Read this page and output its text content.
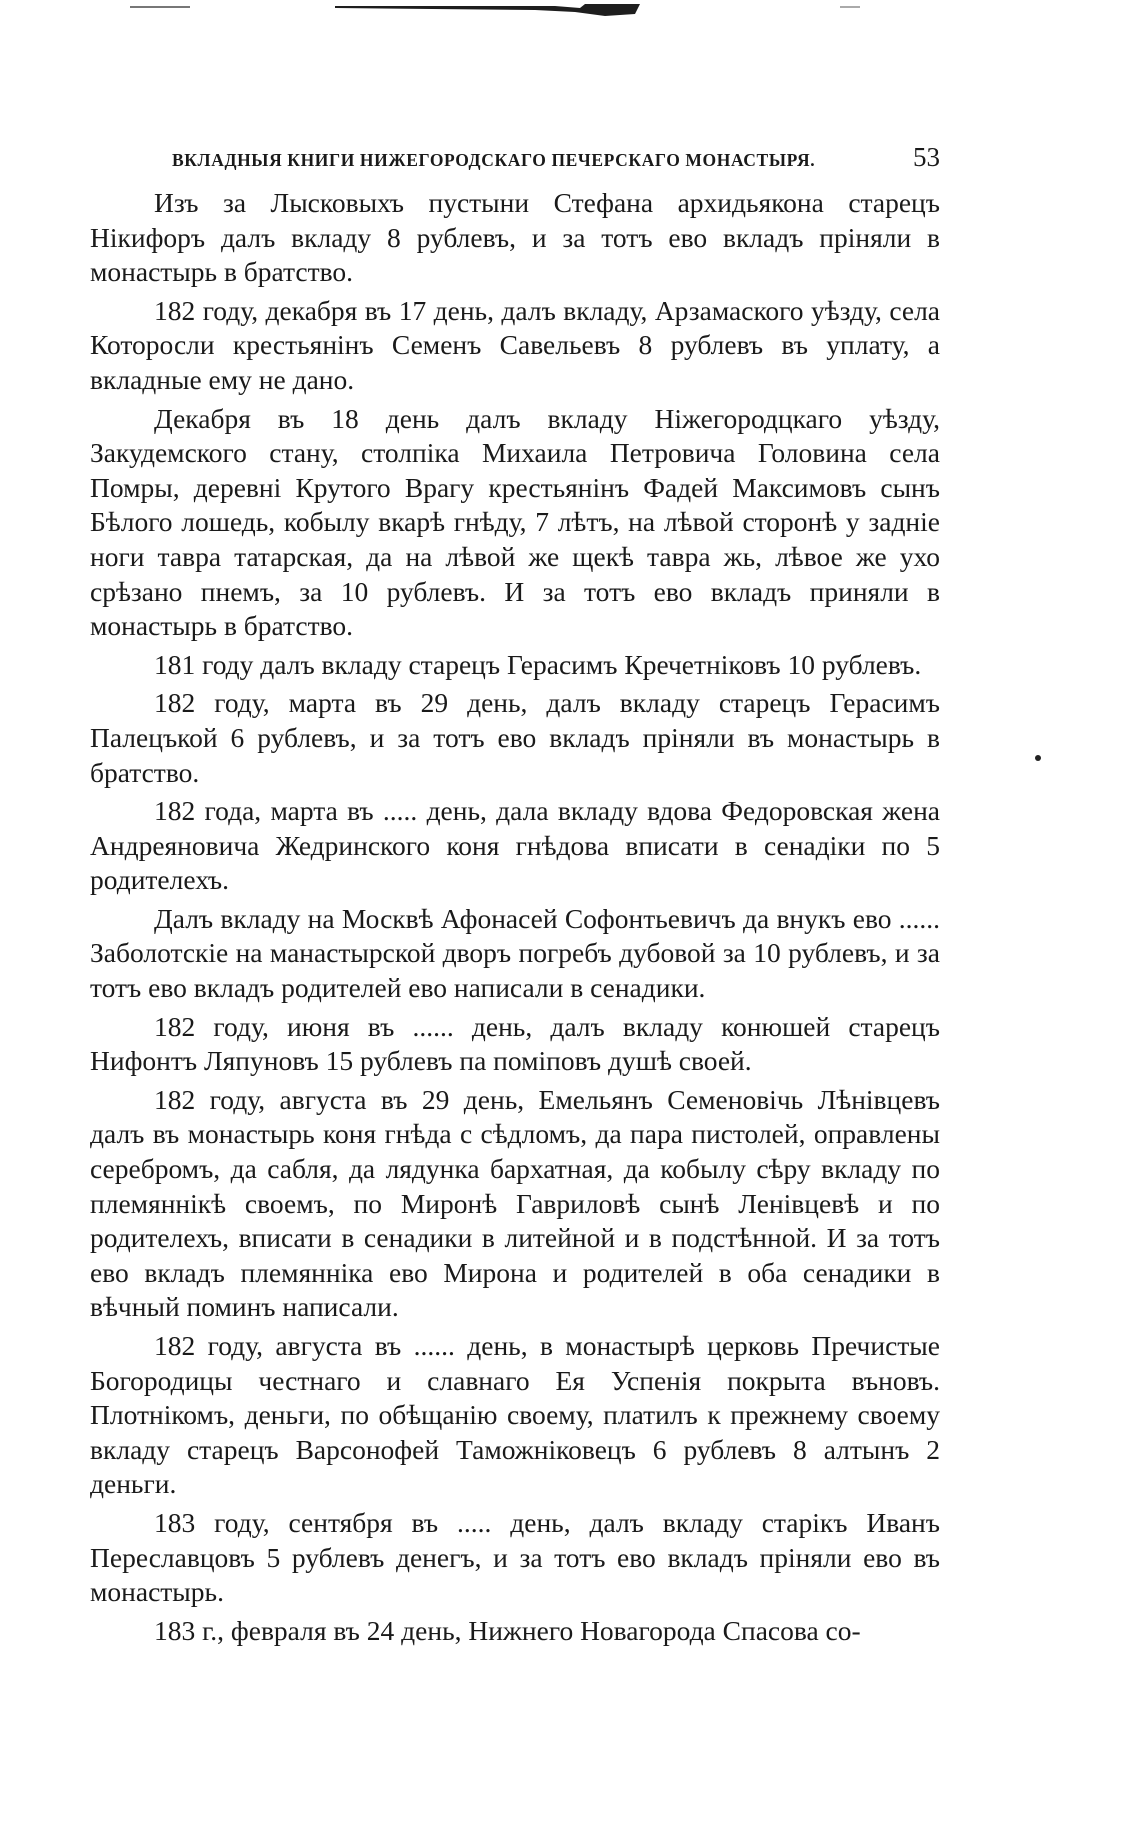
ВКЛАДНЫЯ КНИГИ НИЖЕГОРОДСКАГО ПЕЧЕРСКАГО МОНАСТЫРЯ.	53

Изъ за Лысковыхъ пустыни Стефана архидьякона старецъ Нікифоръ далъ вкладу 8 рублевъ, и за тотъ ево вкладъ пріняли в монастырь в братство.

182 году, декабря въ 17 день, далъ вкладу, Арзамаского уѣзду, села Которосли крестьянінъ Семенъ Савельевъ 8 рублевъ въ уплату, а вкладные ему не дано.

Декабря въ 18 день далъ вкладу Ніжегородцкаго уѣзду, Закудемского стану, столпіка Михаила Петровича Головина села Помры, деревні Крутого Врагу крестьянінъ Фадей Максимовъ сынъ Бѣлого лошедь, кобылу вкарѣ гнѣду, 7 лѣтъ, на лѣвой сторонѣ у задніе ноги тавра татарская, да на лѣвой же щекѣ тавра жь, лѣвое же ухо срѣзано пнемъ, за 10 рублевъ. И за тотъ ево вкладъ приняли в монастырь в братство.

181 году далъ вкладу старецъ Герасимъ Кречетніковъ 10 рублевъ.

182 году, марта въ 29 день, далъ вкладу старецъ Герасимъ Палецъкой 6 рублевъ, и за тотъ ево вкладъ пріняли въ монастырь в братство.

182 года, марта въ ..... день, дала вкладу вдова Федоровская жена Андреяновича Жедринского коня гнѣдова вписати в сенадіки по 5 родителехъ.

Далъ вкладу на Москвѣ Афонасей Софонтьевичъ да внукъ ево ...... Заболотскіе на манастырской дворъ погребъ дубовой за 10 рублевъ, и за тотъ ево вкладъ родителей ево написали в сенадики.

182 году, июня въ ...... день, далъ вкладу конюшей старецъ Нифонтъ Ляпуновъ 15 рублевъ па поміповъ душѣ своей.

182 году, августа въ 29 день, Емельянъ Семеновічь Лѣнівцевъ далъ въ монастырь коня гнѣда с сѣдломъ, да пара пистолей, оправлены серебромъ, да сабля, да лядунка бархатная, да кобылу сѣру вкладу по племяннікѣ своемъ, по Миронѣ Гавриловѣ сынѣ Ленівцевѣ и по родителехъ, вписати в сенадики в литейной и в подстѣнной. И за тотъ ево вкладъ племянніка ево Мирона и родителей в оба сенадики в вѣчный поминъ написали.

182 году, августа въ ...... день, в монастырѣ церковь Пречистые Богородицы честнаго и славнаго Ея Успенія покрыта въновъ. Плотнікомъ, деньги, по обѣщанію своему, платилъ к прежнему своему вкладу старецъ Варсонофей Таможніковецъ 6 рублевъ 8 алтынъ 2 деньги.

183 году, сентября въ ..... день, далъ вкладу старікъ Иванъ Переславцовъ 5 рублевъ денегъ, и за тотъ ево вкладъ пріняли ево въ монастырь.

183 г., февраля въ 24 день, Нижнего Новагорода Спасова со-
